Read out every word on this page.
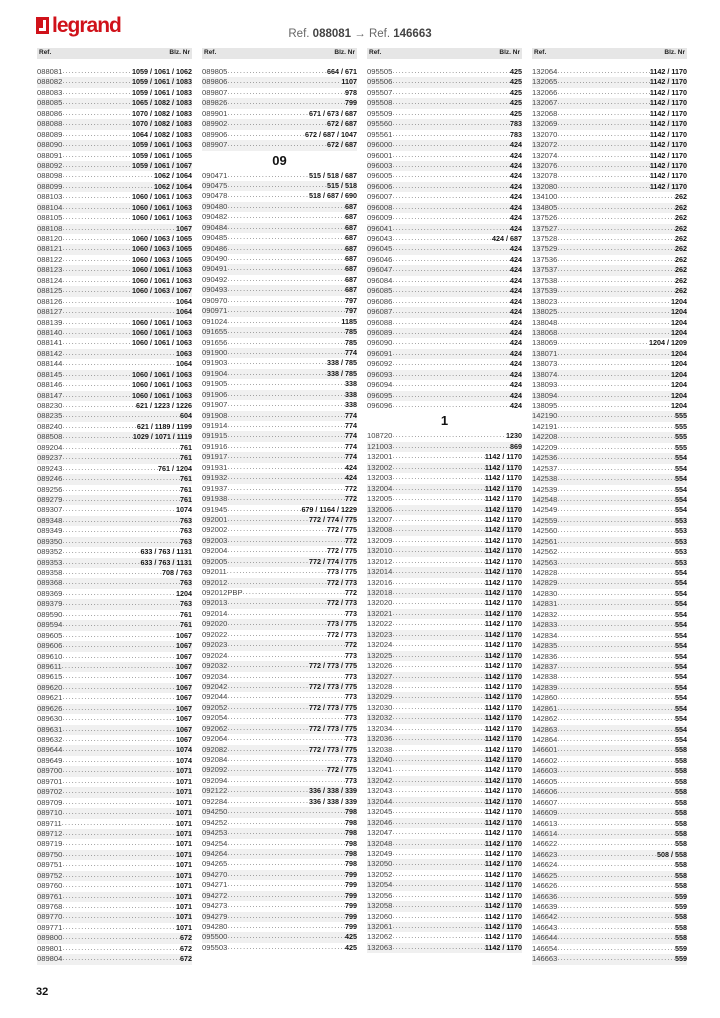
legrand	Ref. 088081 → Ref. 146663
Ref.	Blz. Nr
088081 .....	1059 / 1061 / 1062
088082 .....	1059 / 1061 / 1083
088083 .....	1059 / 1061 / 1083
088085 .....	1065 / 1082 / 1083
088086 .....	1070 / 1082 / 1083
088088 .....	1070 / 1082 / 1083
088089 .....	1064 / 1082 / 1083
088090 .....	1059 / 1061 / 1063
088091 .....	1059 / 1061 / 1065
088092 .....	1059 / 1061 / 1067
088098 .....	1062 / 1064
088099 .....	1062 / 1064
088103 .....	1060 / 1061 / 1063
088104 .....	1060 / 1061 / 1063
088105 .....	1060 / 1061 / 1063
088108 .....	1067
088120 .....	1060 / 1063 / 1065
088121 .....	1060 / 1063 / 1065
088122 .....	1060 / 1063 / 1065
088123 .....	1060 / 1061 / 1063
088124 .....	1060 / 1061 / 1063
088125 .....	1060 / 1063 / 1067
088126 .....	1064
088127 .....	1064
088139 .....	1060 / 1061 / 1063
088140 .....	1060 / 1061 / 1063
088141 .....	1060 / 1061 / 1063
088142 .....	1063
088144 .....	1064
088145 .....	1060 / 1061 / 1063
088146 .....	1060 / 1061 / 1063
088147 .....	1060 / 1061 / 1063
088230 .....	621 / 1223 / 1226
088235 .....	604
088240 .....	621 / 1189 / 1199
088508 .....	1029 / 1071 / 1119
089204 .....	761
089237 .....	761
089243 .....	761 / 1204
089246 .....	761
089256 .....	761
089279 .....	761
089307 .....	1074
089348 .....	763
089349 .....	763
089350 .....	763
089352 .....	633 / 763 / 1131
089353 .....	633 / 763 / 1131
089358 .....	708 / 763
089368 .....	763
089369 .....	1204
089379 .....	763
089590 .....	761
089594 .....	761
089605 .....	1067
089606 .....	1067
089610 .....	1067
089611 .....	1067
089615 .....	1067
089620 .....	1067
089621 .....	1067
089626 .....	1067
089630 .....	1067
089631 .....	1067
089632 .....	1067
089644 .....	1074
089649 .....	1074
089700 .....	1071
089701 .....	1071
089702 .....	1071
089709 .....	1071
089710 .....	1071
089711 .....	1071
089712 .....	1071
089719 .....	1071
089750 .....	1071
089751 .....	1071
089752 .....	1071
089760 .....	1071
089761 .....	1071
089768 .....	1071
089770 .....	1071
089771 .....	1071
089800 .....	672
089801 .....	672
089804 .....	672
Ref.	Blz. Nr
089805 .....	664 / 671
089806 .....	1107
089807 .....	978
089826 .....	799
089901 .....	671 / 673 / 687
089902 .....	672 / 687
089906 .....	672 / 687 / 1047
089907 .....	672 / 687
09
090471 .....	515 / 518 / 687
090475 .....	515 / 518
090478 .....	518 / 687 / 690
090480 .....	687
090482 .....	687
090484 .....	687
090485 .....	687
090486 .....	687
090490 .....	687
090491 .....	687
090492 .....	687
090493 .....	687
090970 .....	797
090971 .....	797
091024 .....	1185
091655 .....	785
091656 .....	785
091900 .....	774
091903 .....	338 / 785
091904 .....	338 / 785
091905 .....	338
091906 .....	338
091907 .....	338
091908 .....	774
091914 .....	774
091915 .....	774
091916 .....	774
091917 .....	774
091931 .....	424
091932 .....	424
091937 .....	772
091938 .....	772
091945 .....	679 / 1164 / 1229
092001 .....	772 / 774 / 775
092002 .....	772 / 775
092003 .....	772
092004 .....	772 / 775
092005 .....	772 / 774 / 775
092011 .....	773 / 775
092012 .....	772 / 773
092012PBP .....	772
092013 .....	772 / 773
092014 .....	773
092020 .....	773 / 775
092022 .....	772 / 773
092023 .....	772
092024 .....	773
092032 .....	772 / 773 / 775
092034 .....	773
092042 .....	772 / 773 / 775
092044 .....	773
092052 .....	772 / 773 / 775
092054 .....	773
092062 .....	772 / 773 / 775
092064 .....	773
092082 .....	772 / 773 / 775
092084 .....	773
092092 .....	772 / 775
092094 .....	773
092122 .....	336 / 338 / 339
092284 .....	336 / 338 / 339
094250 .....	798
094252 .....	798
094253 .....	798
094254 .....	798
094264 .....	798
094265 .....	798
094270 .....	799
094271 .....	799
094272 .....	799
094273 .....	799
094279 .....	799
094280 .....	799
095500 .....	425
095503 .....	425
Ref.	Blz. Nr
095505 .....	425
095506 .....	425
095507 .....	425
095508 .....	425
095509 .....	425
095560 .....	783
095561 .....	783
096000 .....	424
096001 .....	424
096003 .....	424
096005 .....	424
096006 .....	424
096007 .....	424
096008 .....	424
096009 .....	424
096041 .....	424
096043 .....	424 / 687
096045 .....	424
096046 .....	424
096047 .....	424
096084 .....	424
096085 .....	424
096086 .....	424
096087 .....	424
096088 .....	424
096089 .....	424
096090 .....	424
096091 .....	424
096092 .....	424
096093 .....	424
096094 .....	424
096095 .....	424
096096 .....	424
1
108720 .....	1230
121003 .....	869
132001 .....	1142 / 1170
132002 .....	1142 / 1170
132003 .....	1142 / 1170
132004 .....	1142 / 1170
132005 .....	1142 / 1170
132006 .....	1142 / 1170
132007 .....	1142 / 1170
132008 .....	1142 / 1170
132009 .....	1142 / 1170
132010 .....	1142 / 1170
132012 .....	1142 / 1170
132014 .....	1142 / 1170
132016 .....	1142 / 1170
132018 .....	1142 / 1170
132020 .....	1142 / 1170
132021 .....	1142 / 1170
132022 .....	1142 / 1170
132023 .....	1142 / 1170
132024 .....	1142 / 1170
132025 .....	1142 / 1170
132026 .....	1142 / 1170
132027 .....	1142 / 1170
132028 .....	1142 / 1170
132029 .....	1142 / 1170
132030 .....	1142 / 1170
132032 .....	1142 / 1170
132034 .....	1142 / 1170
132036 .....	1142 / 1170
132038 .....	1142 / 1170
132040 .....	1142 / 1170
132041 .....	1142 / 1170
132042 .....	1142 / 1170
132043 .....	1142 / 1170
132044 .....	1142 / 1170
132045 .....	1142 / 1170
132046 .....	1142 / 1170
132047 .....	1142 / 1170
132048 .....	1142 / 1170
132049 .....	1142 / 1170
132050 .....	1142 / 1170
132052 .....	1142 / 1170
132054 .....	1142 / 1170
132056 .....	1142 / 1170
132058 .....	1142 / 1170
132060 .....	1142 / 1170
132061 .....	1142 / 1170
132062 .....	1142 / 1170
132063 .....	1142 / 1170
Ref.	Blz. Nr
132064 .....	1142 / 1170
132065 .....	1142 / 1170
132066 .....	1142 / 1170
132067 .....	1142 / 1170
132068 .....	1142 / 1170
132069 .....	1142 / 1170
132070 .....	1142 / 1170
132072 .....	1142 / 1170
132074 .....	1142 / 1170
132076 .....	1142 / 1170
132078 .....	1142 / 1170
132080 .....	1142 / 1170
134100 .....	262
134805 .....	262
137526 .....	262
137527 .....	262
137528 .....	262
137529 .....	262
137536 .....	262
137537 .....	262
137538 .....	262
137539 .....	262
138023 .....	1204
138025 .....	1204
138048 .....	1204
138068 .....	1204
138069 .....	1204 / 1209
138071 .....	1204
138073 .....	1204
138074 .....	1204
138093 .....	1204
138094 .....	1204
138095 .....	1204
142190 .....	555
142191 .....	555
142208 .....	555
142209 .....	555
142536 .....	554
142537 .....	554
142538 .....	554
142539 .....	554
142548 .....	554
142549 .....	554
142559 .....	553
142560 .....	553
142561 .....	553
142562 .....	553
142563 .....	553
142828 .....	554
142829 .....	554
142830 .....	554
142831 .....	554
142832 .....	554
142833 .....	554
142834 .....	554
142835 .....	554
142836 .....	554
142837 .....	554
142838 .....	554
142839 .....	554
142860 .....	554
142861 .....	554
142862 .....	554
142863 .....	554
142864 .....	554
146601 .....	558
146602 .....	558
146603 .....	558
146605 .....	558
146606 .....	558
146607 .....	558
146609 .....	558
146613 .....	558
146614 .....	558
146622 .....	558
146623 .....	508 / 558
146624 .....	558
146625 .....	558
146626 .....	558
146636 .....	559
146639 .....	559
146642 .....	558
146643 .....	558
146644 .....	558
146654 .....	559
146663 .....	559
32
